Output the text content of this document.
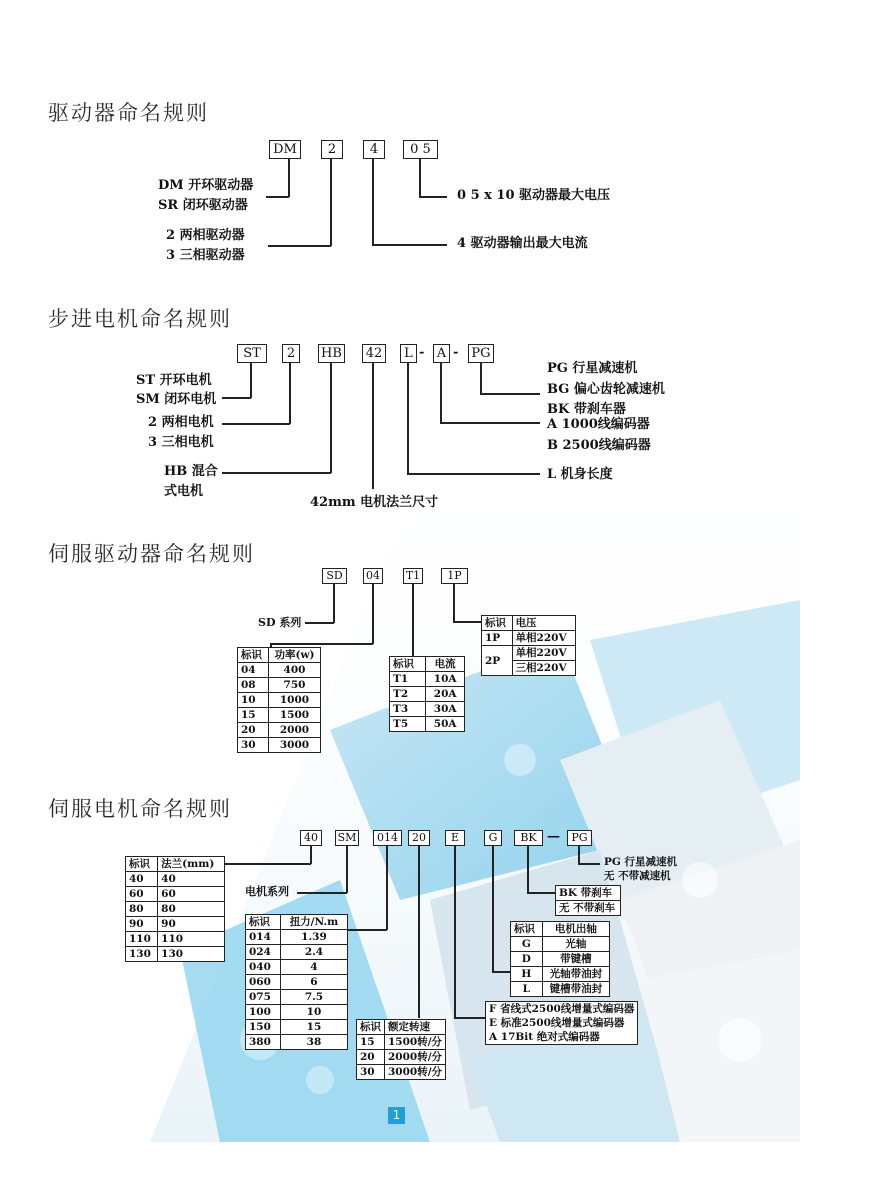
驱动器命名规则
DM	2	4	0 5
DM 开环驱动器
SR 闭环驱动器
2 两相驱动器
3 三相驱动器
0 5 x 10 驱动器最大电压
4 驱动器输出最大电流
步进电机命名规则
ST	2	HB 42	L - A - PG
ST 开环电机
SM 闭环电机
2 两相电机
3 三相电机
HB 混合
式电机
42mm 电机法兰尺寸
PG 行星减速机
BG 偏心齿轮减速机
BK 带刹车器
A 1000线编码器
B 2500线编码器
L 机身长度
伺服驱动器命名规则
SD	04 T1	1P
SD 系列
标识	功率(w)
04	400
08	750
10	1000
15	1500
20	2000
30	3000
标识	电流
T1	10A
T2	20A
T3	30A
T5	50A
标识	电压
1P	单相220V
2P	单相220V
	三相220V
伺服电机命名规则
40	SM	014	20	E	G	BK —	PG
标识	法兰(mm)
40	40
60	60
80	80
90	90
110	110
130	130
电机系列
标识	扭力/N.m
014	1.39
024	2.4
040	4
060	6
075	7.5
100	10
150	15
380	38
标识	额定转速
15	1500转/分
20	2000转/分
30	3000转/分
标识	电机出轴
G	光轴
D	带键槽
H	光轴带油封
L	键槽带油封
BK 带刹车
无 不带刹车
PG 行星减速机
无 不带减速机
F 省线式2500线增量式编码器
E 标准2500线增量式编码器
A 17Bit 绝对式编码器
1
